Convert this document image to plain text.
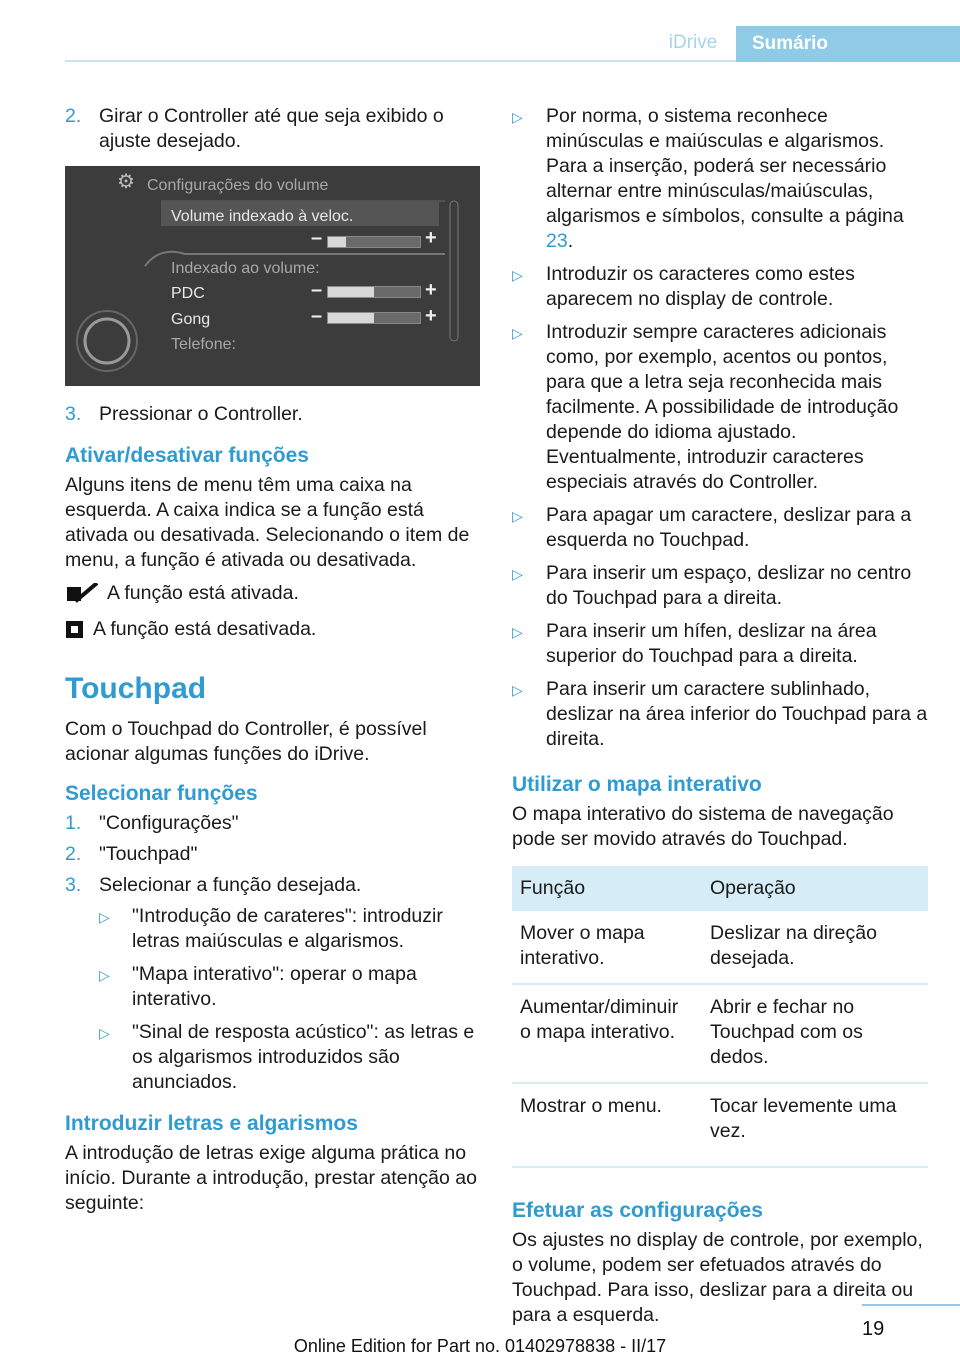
iDrive	Sumário
2. Girar o Controller até que seja exibido o ajuste desejado.
⚙ Configurações do volume
Volume indexado à veloc.
–	+
Indexado ao volume:
PDC	–	+
Gong	–	+
Telefone:
3. Pressionar o Controller.
Ativar/desativar funções

Alguns itens de menu têm uma caixa na esquerda. A caixa indica se a função está ativada ou desativada. Selecionando o item de menu, a função é ativada ou desativada.

A função está ativada.
A função está desativada.
Touchpad

Com o Touchpad do Controller, é possível acionar algumas funções do iDrive.

Selecionar funções
1. "Configurações"
2. "Touchpad"
3. Selecionar a função desejada.
▷ "Introdução de carateres": introduzir letras maiúsculas e algarismos.
▷ "Mapa interativo": operar o mapa interativo.
▷ "Sinal de resposta acústico": as letras e os algarismos introduzidos são anunciados.
Introduzir letras e algarismos

A introdução de letras exige alguma prática no início. Durante a introdução, prestar atenção ao seguinte:

▷ Por norma, o sistema reconhece minúsculas e maiúsculas e algarismos. Para a inserção, poderá ser necessário alternar entre minúsculas/maiúsculas, algarismos e símbolos, consulte a página 23.
▷ Introduzir os caracteres como estes aparecem no display de controle.
▷ Introduzir sempre caracteres adicionais como, por exemplo, acentos ou pontos, para que a letra seja reconhecida mais facilmente. A possibilidade de introdução depende do idioma ajustado. Eventualmente, introduzir caracteres especiais através do Controller.
▷ Para apagar um caractere, deslizar para a esquerda no Touchpad.
▷ Para inserir um espaço, deslizar no centro do Touchpad para a direita.
▷ Para inserir um hífen, deslizar na área superior do Touchpad para a direita.
▷ Para inserir um caractere sublinhado, deslizar na área inferior do Touchpad para a direita.
Utilizar o mapa interativo

O mapa interativo do sistema de navegação pode ser movido através do Touchpad.

Função	Operação
Mover o mapa interativo.	Deslizar na direção desejada.
Aumentar/diminuir o mapa interativo.	Abrir e fechar no Touchpad com os dedos.
Mostrar o menu.	Tocar levemente uma vez.
Efetuar as configurações

Os ajustes no display de controle, por exemplo, o volume, podem ser efetuados através do Touchpad. Para isso, deslizar para a direita ou para a esquerda.

19
Online Edition for Part no. 01402978838 - II/17
